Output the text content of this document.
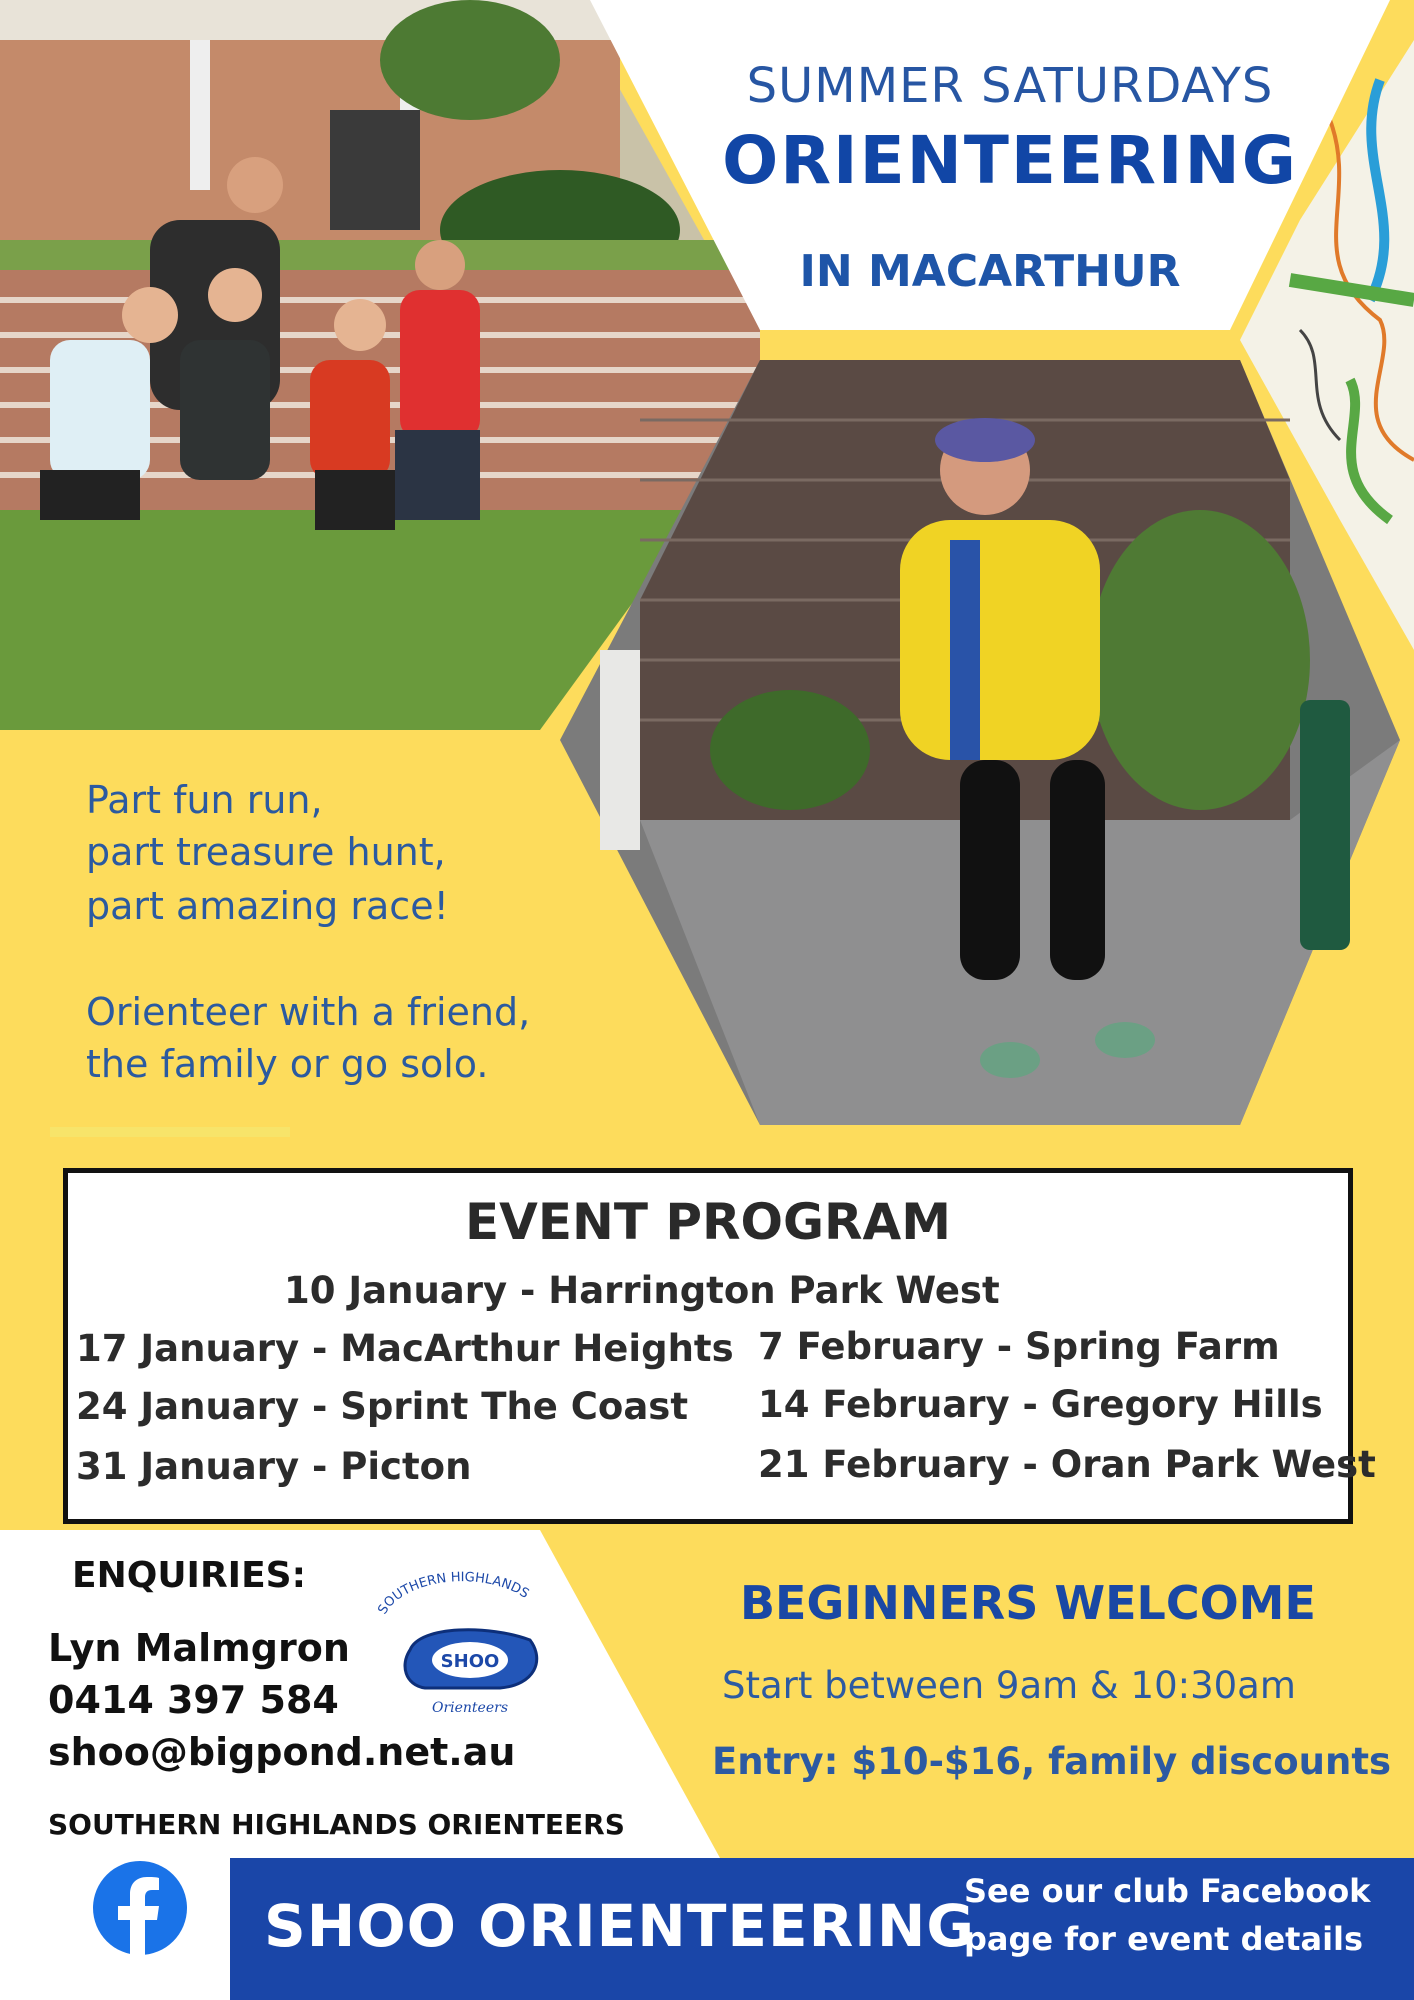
SUMMER SATURDAYS
ORIENTEERING
IN MACARTHUR
Part fun run,
part treasure hunt,
part amazing race!
Orienteer with a friend,
the family or go solo.
EVENT PROGRAM
10 January - Harrington Park West
17 January - MacArthur Heights
24 January - Sprint The Coast
31 January - Picton
7 February - Spring Farm
14 February - Gregory Hills
21 February - Oran Park West
ENQUIRIES:
Lyn Malmgron
0414 397 584
shoo@bigpond.net.au
SOUTHERN HIGHLANDS ORIENTEERS
SOUTHERN HIGHLANDS
SHOO
Orienteers
BEGINNERS WELCOME
Start between 9am & 10:30am
Entry: $10-$16, family discounts
SHOO ORIENTEERING
See our club Facebook
page for event details
